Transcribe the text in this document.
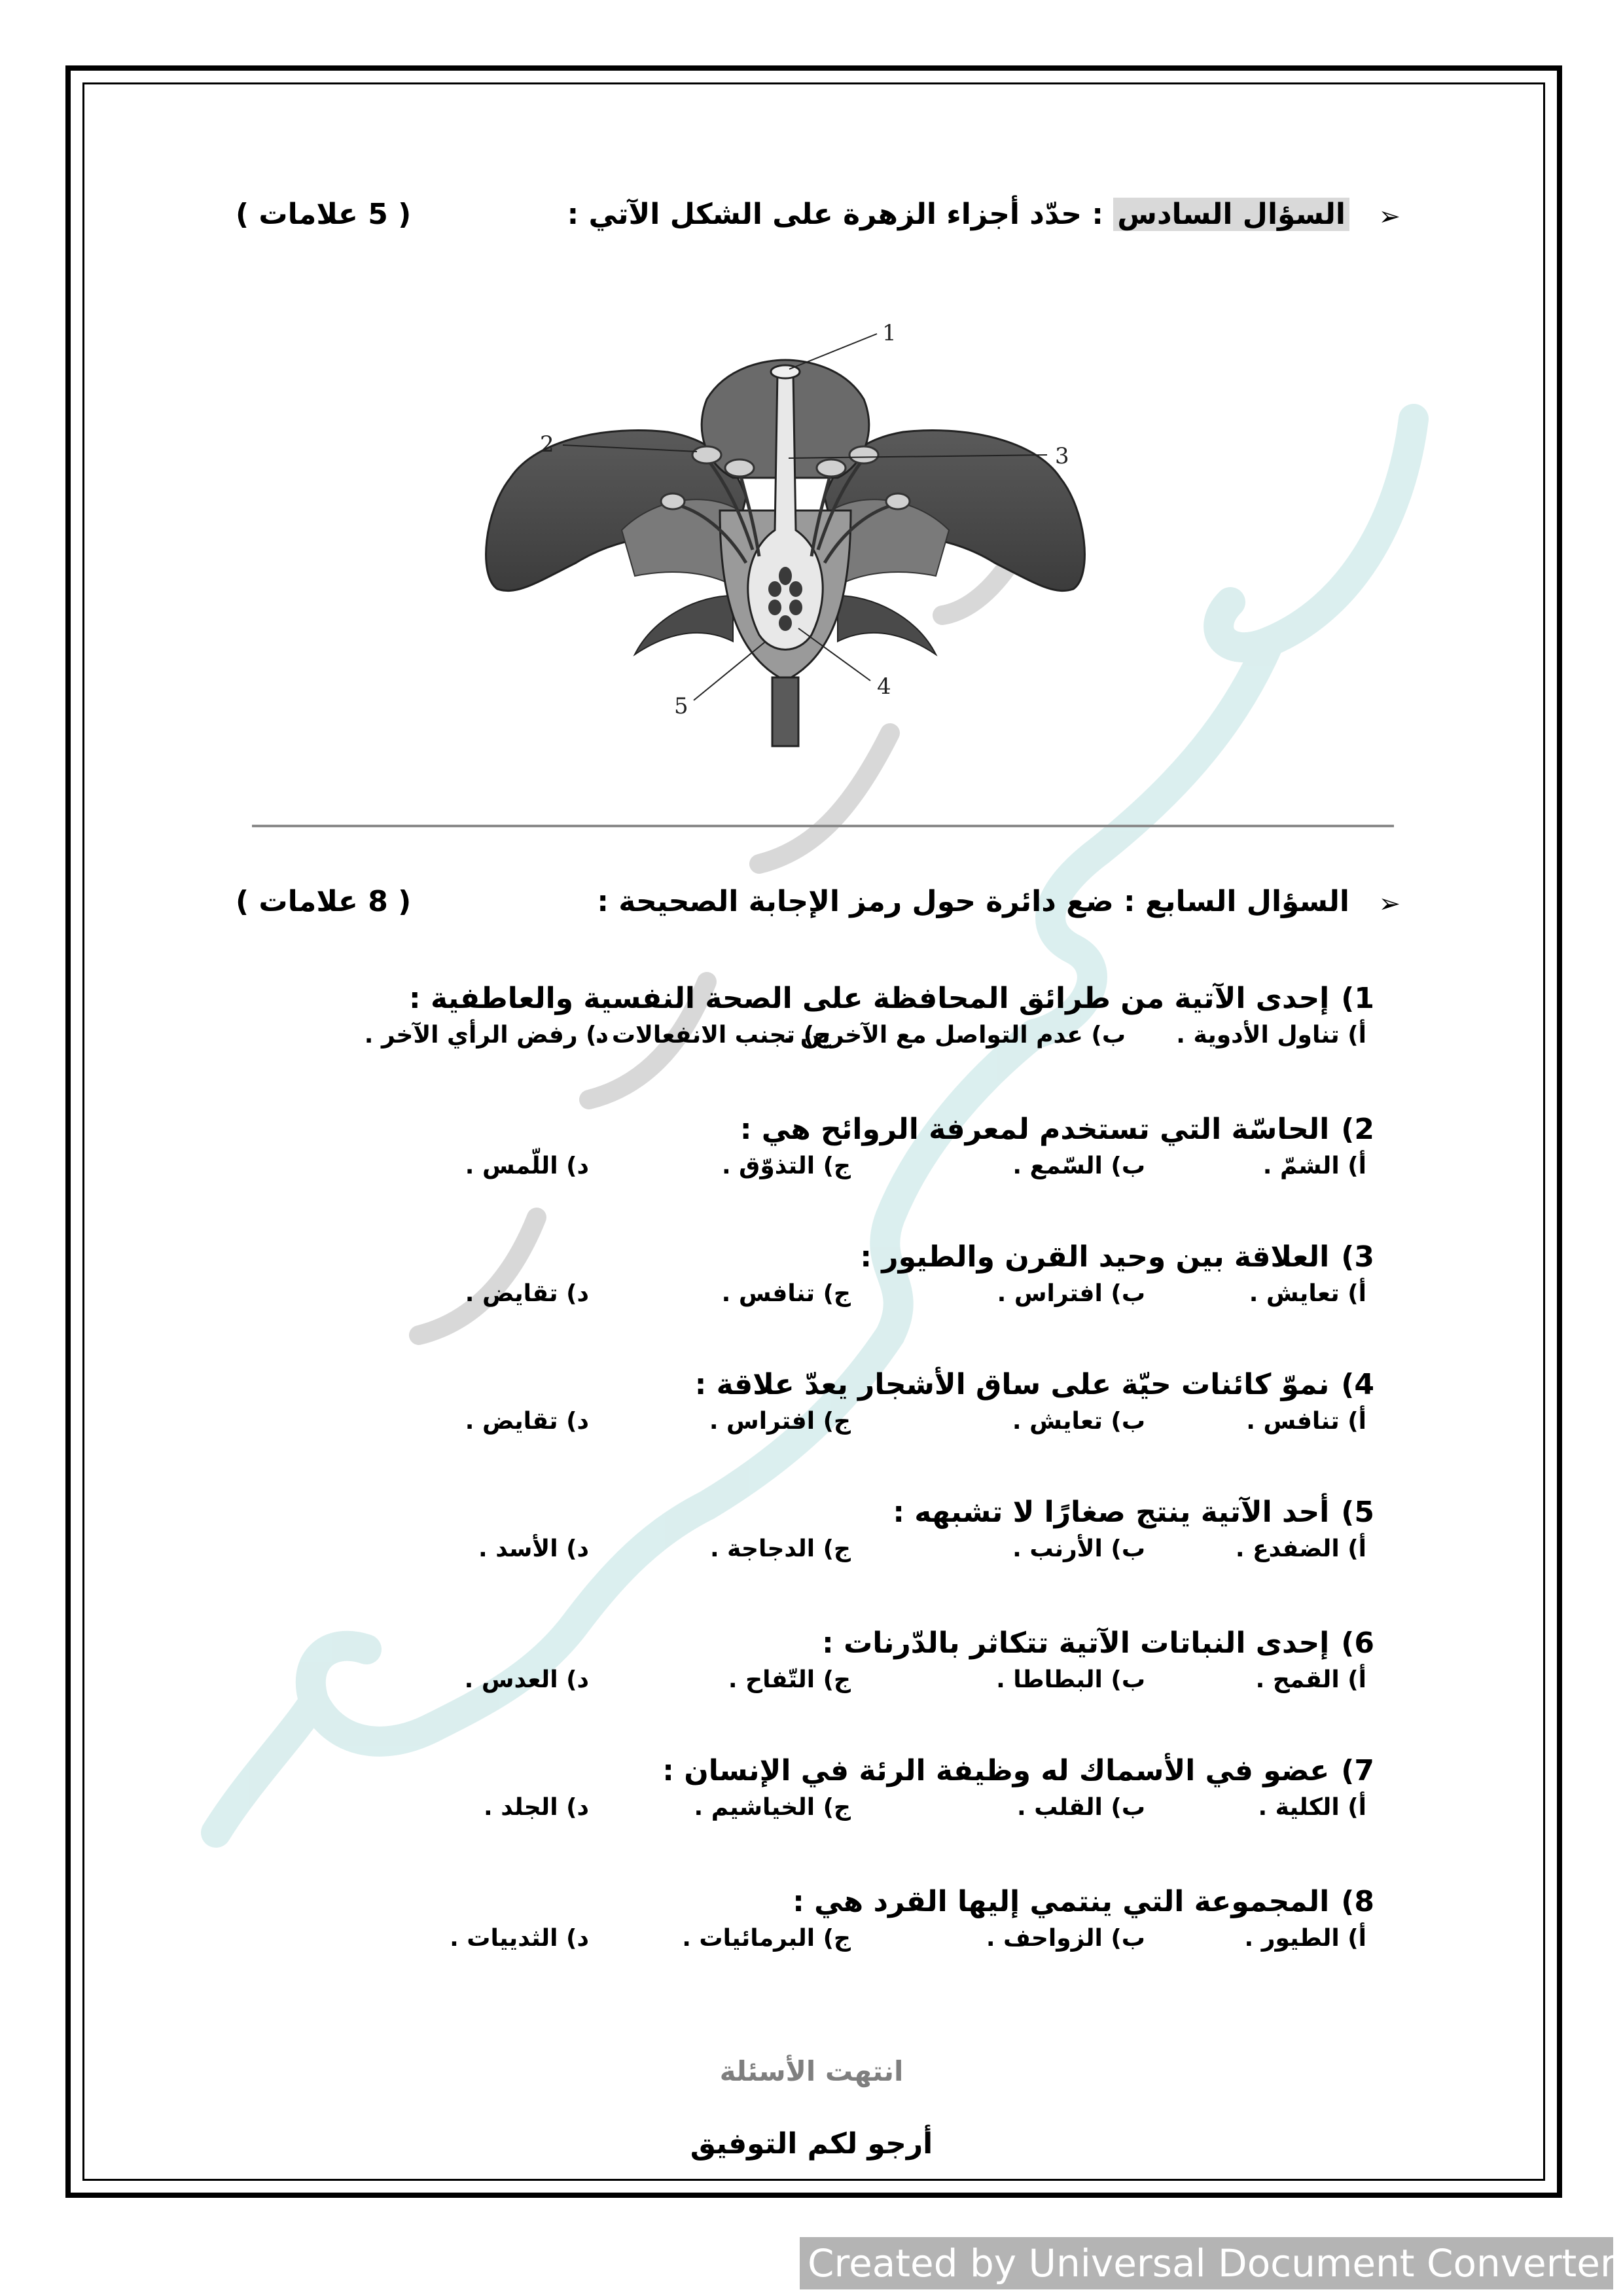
➢
السؤال السادس : حدّد أجزاء الزهرة على الشكل الآتي :
( 5 علامات )
1
2	3
4
5
➢
السؤال السابع : ضع دائرة حول رمز الإجابة الصحيحة :
( 8 علامات )
1)إحدى الآتية من طرائق المحافظة على الصحة النفسية والعاطفية :
أ) تناول الأدوية .
ب) عدم التواصل مع الآخرين .
ج) تجنب الانفعالات .
د) رفض الرأي الآخر .
2)الحاسّة التي تستخدم لمعرفة الروائح هي :
أ) الشمّ .
ب) السّمع .
ج) التذوّق .
د) اللّمس .
3)العلاقة بين وحيد القرن والطيور :
أ) تعايش .
ب) افتراس .
ج) تنافس .
د) تقايض .
4)نموّ كائنات حيّة على ساق الأشجار يعدّ علاقة :
أ) تنافس .
ب) تعايش .
ج) افتراس .
د) تقايض .
5)أحد الآتية ينتج صغارًا لا تشبهه :
أ) الضفدع .
ب) الأرنب .
ج) الدجاجة .
د) الأسد .
6)إحدى النباتات الآتية تتكاثر بالدّرنات :
أ) القمح .
ب) البطاطا .
ج) التّفاح .
د) العدس .
7)عضو في الأسماك له وظيفة الرئة في الإنسان :
أ) الكلية .
ب) القلب .
ج) الخياشيم .
د) الجلد .
8)المجموعة التي ينتمي إليها القرد هي :
أ) الطيور .
ب) الزواحف .
ج) البرمائيات .
د) الثدييات .
انتهت الأسئلة
أرجو لكم التوفيق
Created by Universal Document Converter
